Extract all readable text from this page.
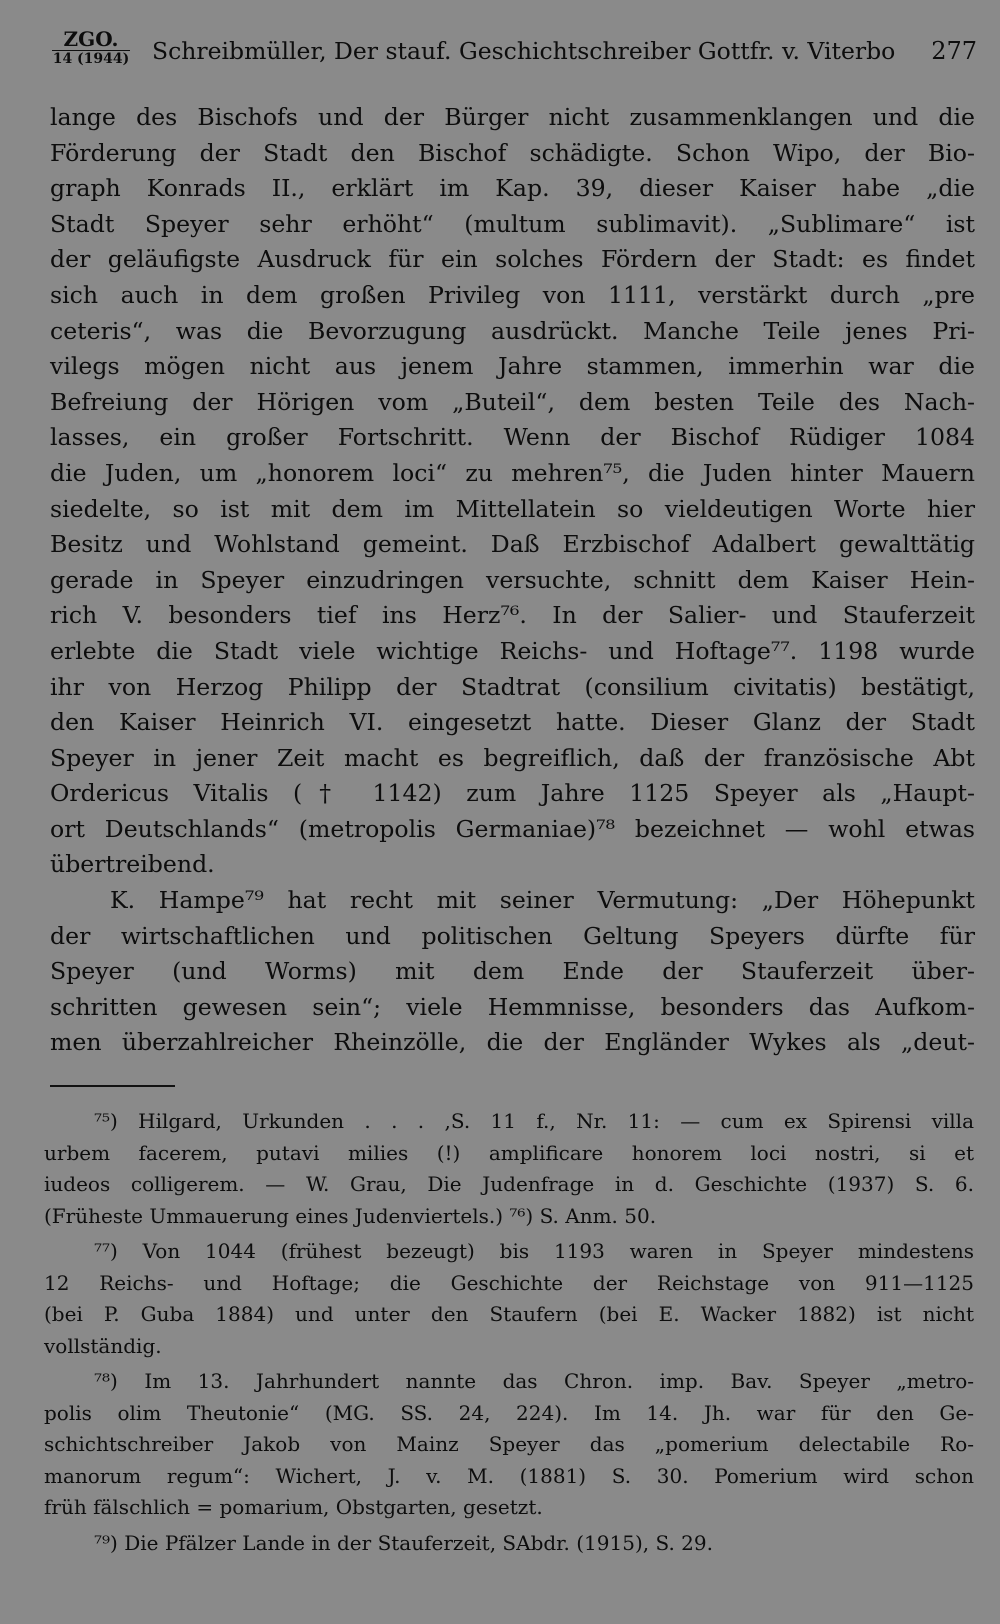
ZGO.
14 (1944) Schreibmüller, Der stauf. Geschichtschreiber Gottfr. v. Viterbo 277

lange des Bischofs und der Bürger nicht zusammenklangen und die
Förderung der Stadt den Bischof schädigte. Schon Wipo, der Bio-
graph Konrads II., erklärt im Kap. 39, dieser Kaiser habe „die
Stadt Speyer sehr erhöht“ (multum sublimavit). „Sublimare“ ist
der geläufigste Ausdruck für ein solches Fördern der Stadt: es findet
sich auch in dem großen Privileg von 1111, verstärkt durch „pre
ceteris“, was die Bevorzugung ausdrückt. Manche Teile jenes Pri-
vilegs mögen nicht aus jenem Jahre stammen, immerhin war die
Befreiung der Hörigen vom „Buteil“, dem besten Teile des Nach-
lasses, ein großer Fortschritt. Wenn der Bischof Rüdiger 1084
die Juden, um „honorem loci“ zu mehren⁷⁵, die Juden hinter Mauern
siedelte, so ist mit dem im Mittellatein so vieldeutigen Worte hier
Besitz und Wohlstand gemeint. Daß Erzbischof Adalbert gewalttätig
gerade in Speyer einzudringen versuchte, schnitt dem Kaiser Hein-
rich V. besonders tief ins Herz⁷⁶. In der Salier- und Stauferzeit
erlebte die Stadt viele wichtige Reichs- und Hoftage⁷⁷. 1198 wurde
ihr von Herzog Philipp der Stadtrat (consilium civitatis) bestätigt,
den Kaiser Heinrich VI. eingesetzt hatte. Dieser Glanz der Stadt
Speyer in jener Zeit macht es begreiflich, daß der französische Abt
Ordericus Vitalis († 1142) zum Jahre 1125 Speyer als „Haupt-
ort Deutschlands“ (metropolis Germaniae)⁷⁸ bezeichnet — wohl etwas
übertreibend.

K. Hampe⁷⁹ hat recht mit seiner Vermutung: „Der Höhepunkt
der wirtschaftlichen und politischen Geltung Speyers dürfte für
Speyer (und Worms) mit dem Ende der Stauferzeit über-
schritten gewesen sein“; viele Hemmnisse, besonders das Aufkom-
men überzahlreicher Rheinzölle, die der Engländer Wykes als „deut-

⁷⁵) Hilgard, Urkunden . . . ,S. 11 f., Nr. 11: — cum ex Spirensi villa
urbem facerem, putavi milies (!) amplificare honorem loci nostri, si et
iudeos colligerem. — W. Grau, Die Judenfrage in d. Geschichte (1937) S. 6.
(Früheste Ummauerung eines Judenviertels.) ⁷⁶) S. Anm. 50.
⁷⁷) Von 1044 (frühest bezeugt) bis 1193 waren in Speyer mindestens
12 Reichs- und Hoftage; die Geschichte der Reichstage von 911—1125
(bei P. Guba 1884) und unter den Staufern (bei E. Wacker 1882) ist nicht
vollständig.
⁷⁸) Im 13. Jahrhundert nannte das Chron. imp. Bav. Speyer „metro-
polis olim Theutonie“ (MG. SS. 24, 224). Im 14. Jh. war für den Ge-
schichtschreiber Jakob von Mainz Speyer das „pomerium delectabile Ro-
manorum regum“: Wichert, J. v. M. (1881) S. 30. Pomerium wird schon
früh fälschlich = pomarium, Obstgarten, gesetzt.
⁷⁹) Die Pfälzer Lande in der Stauferzeit, SAbdr. (1915), S. 29.
